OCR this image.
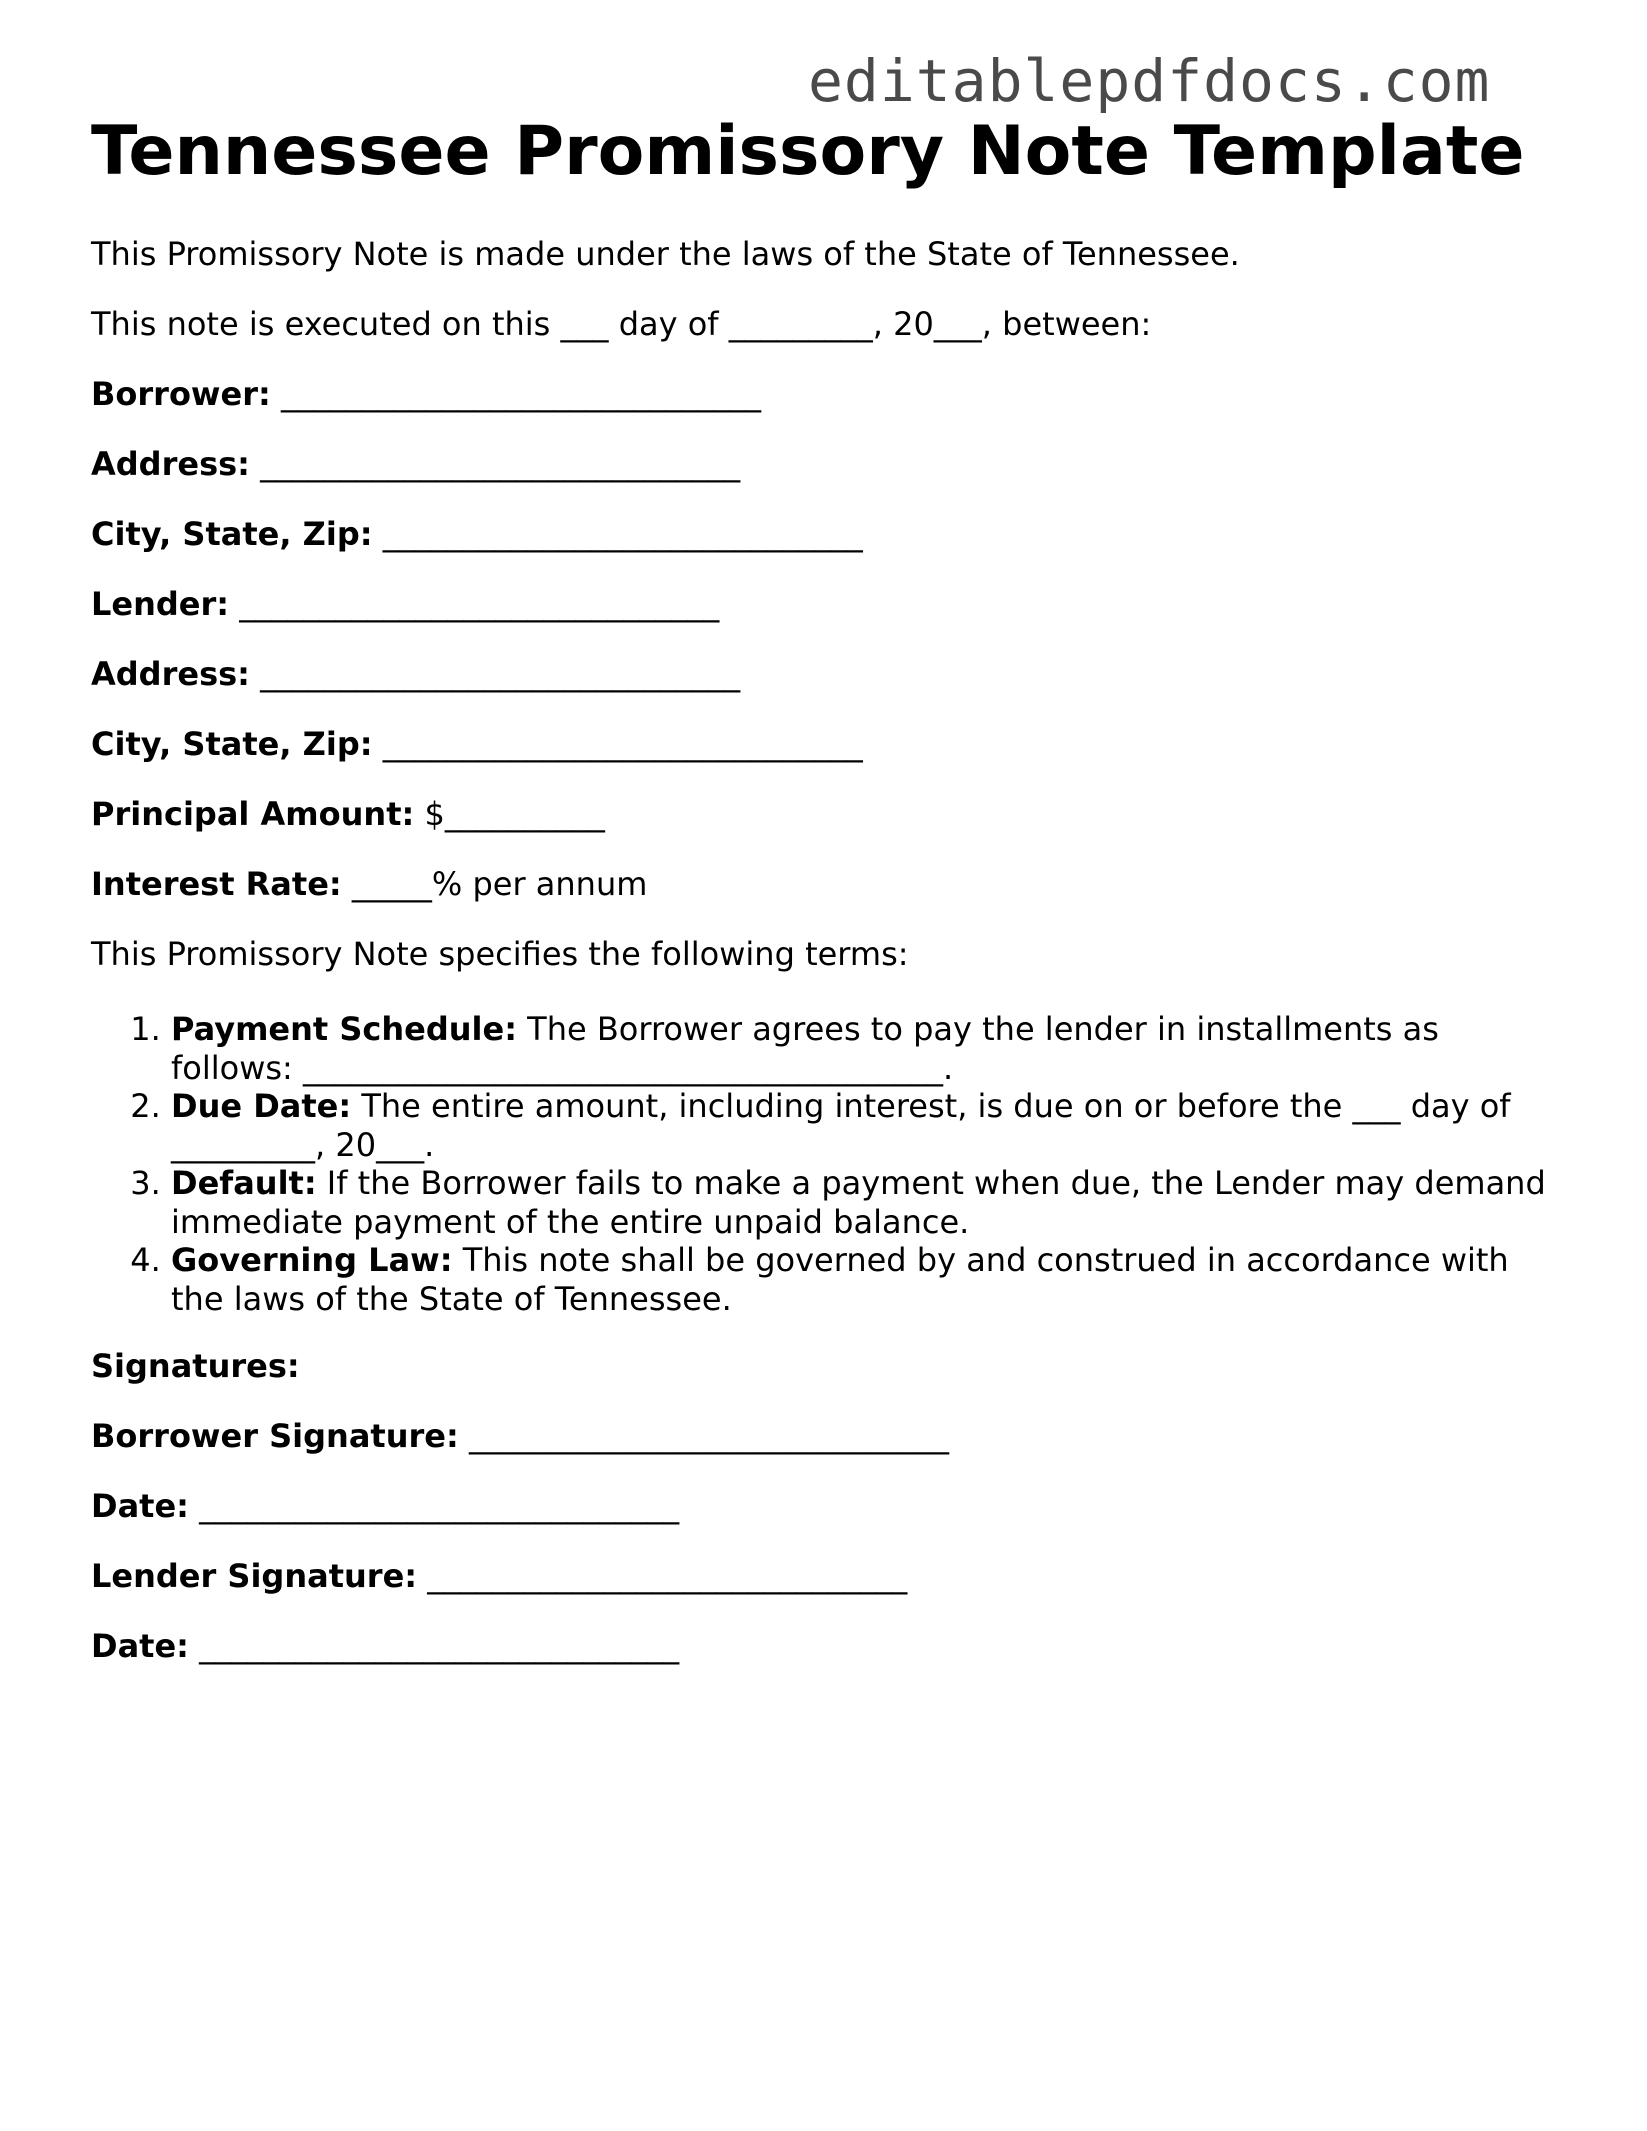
editablepdfdocs.com
Tennessee Promissory Note Template
This Promissory Note is made under the laws of the State of Tennessee.
This note is executed on this ___ day of _________, 20___, between:
Borrower: ______________________________
Address: ______________________________
City, State, Zip: ______________________________
Lender: ______________________________
Address: ______________________________
City, State, Zip: ______________________________
Principal Amount: $__________
Interest Rate: _____% per annum
This Promissory Note specifies the following terms:
1. Payment Schedule: The Borrower agrees to pay the lender in installments as follows: ________________________________________.
2. Due Date: The entire amount, including interest, is due on or before the ___ day of _________, 20___.
3. Default: If the Borrower fails to make a payment when due, the Lender may demand immediate payment of the entire unpaid balance.
4. Governing Law: This note shall be governed by and construed in accordance with the laws of the State of Tennessee.
Signatures:
Borrower Signature: ______________________________
Date: ______________________________
Lender Signature: ______________________________
Date: ______________________________
